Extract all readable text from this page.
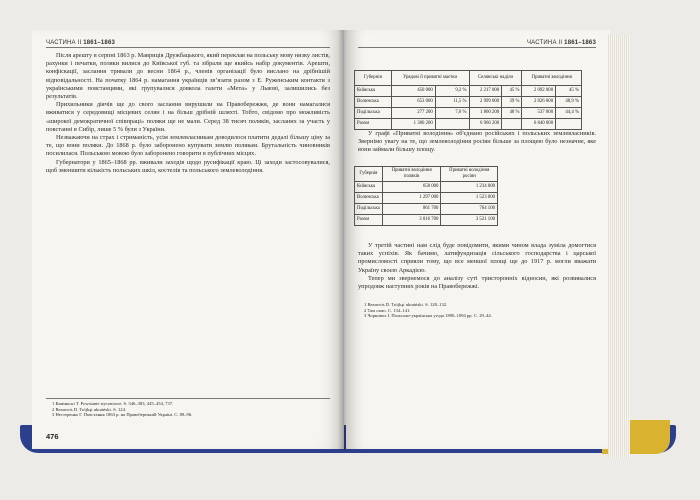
ЧАСТИНА II 1861–1863

Після арешту в серпні 1863 р. Маврицiя Дружбацького, який переклав на польську мову низку листів, рахунки і печатки, поляки вилися до Київської губ. та зібрали ще якийсь набір документів. Арешти, конфіскації, заслання тривали до весни 1864 р., членів організації було вислано на дрібнішій відповідальності. На початку 1864 р. намагання українців звʼязати разом з Е. Руженським контакти з українськими повстанцями, які групувалися довкола газети «Мета» у Львові, залишились без результатів.

Прихильники діячів ще до свого заслання вирушили на Правобережжя, де вони намагалися вживатися у середовищі місцевих селян і на більш дрібній шляхті. Тобто, свідомо про можливість «широкої демократичної співпраці» поляки ще не мали. Серед 38 тисяч поляків, засланих за участь у повстанні в Сибір, лише 5 % були з України.

Незважаючи на страх і стриманість, усім землевласникам доводилося платити дедалі більшу ціну за те, що вони поляки. До 1868 р. було заборонено купувати землю полякам. Брутальність чиновників посилилася. Польською мовою було заборонено говорити в публічних місцях.

Губернатори у 1865–1868 рр. вживали заходів щодо русифікації краю. Ці заходи застосовувалися, щоб зменшити кількість польських шкіл, костелів та польського землеволодіння.

1 Каміньскі Т. Powstanie styczniowe. S. 346–383, 445–454, 737.

2 Beauvois D. Trójkąt ukraiński. S. 124.

3 Нестеренко Г. Повстання 1863 р. на Правобережній Україні. С. 88–96.

476
ЧАСТИНА II 1861–1863
Губернія	Урядові й приватні маєтки		Селянські наділи		Приватні володіння	
Київська	450 000	9,2 %	2 217 000	45 %	2 092 000	45 %
Волинська	653 000	11,5 %	2 999 000	39 %	2 826 000	48,9 %
Подільська	277 200	7,6 %	1 860 200	48 %	537 000	44,4 %
Разом	1 380 200		6 966 200		6 840 000	

У графі «Приватні володіння» об'єднано російських і польських землевласників. Звернімо увагу на те, що землеволодіння росіян більше за площею було незначне, яке вони займали більшу площу.

Губернія	Приватні володіння поляків	Приватні володіння росіян
Київська	658 000	1 234 000
Волинська	1 297 000	1 523 000
Подільська	861 700	764 100
Разом	3 016 700	3 521 100

У третій частині нам слід буде повідомити, якими чином влада зуміла домогтися таких успіхів. Як бачимо, латифундизація сільського господарства і царської промисловості сприяли тому, що все меншої площі ще до 1917 р. могли вважати Україну своєю Аркадією.

Тепер ми звернемося до аналізу суті тристоронніх відносин, які розвивалися упродовж наступних років на Правобережжі.

1 Beauvois D. Trójkąt ukraiński. S. 128–132.

2 Там само. С. 134–141.

3 Чорновол І. Польсько-українська угода 1890–1894 рр. С. 29–44.
